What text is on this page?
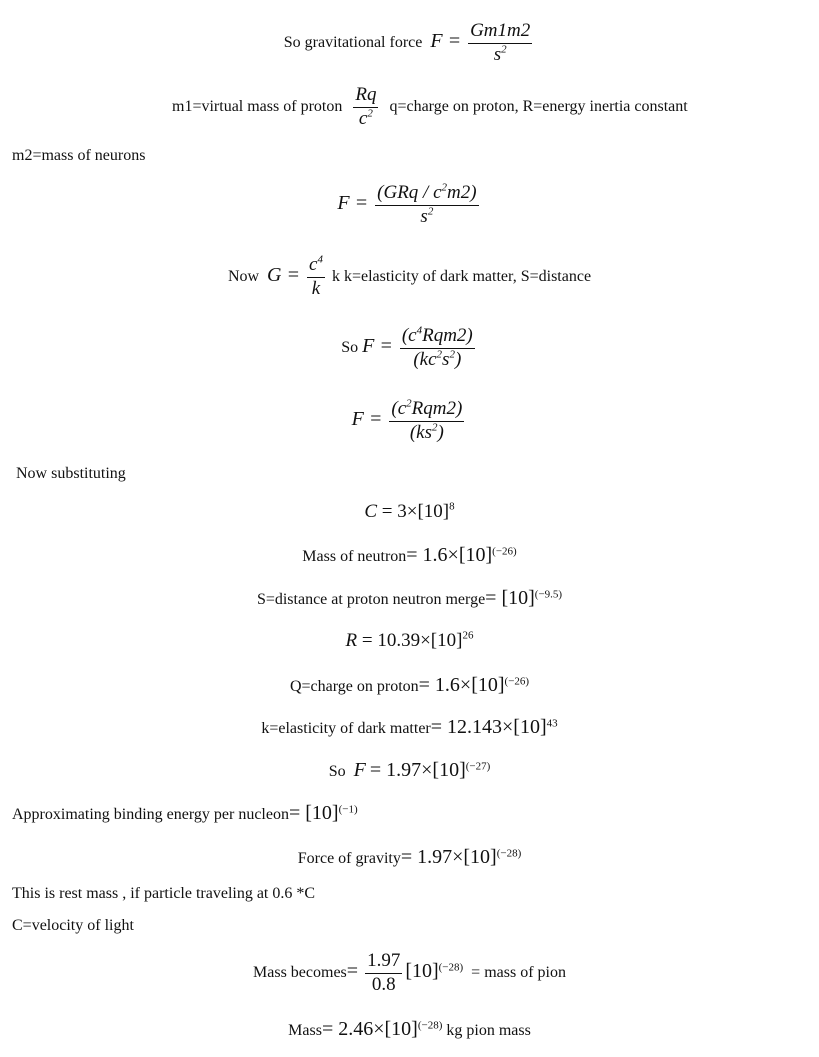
So gravitational force $F = \frac{Gm1m2}{s^2}$
m1=virtual mass of proton $\frac{Rq}{c^2}$ q=charge on proton, R=energy inertia constant
m2=mass of neurons
$F = \frac{(GRq / c^2m2)}{s^2}$
Now $G = \frac{c^4}{k}$ k k=elasticity of dark matter, S=distance
So $F = \frac{(c^4Rqm2)}{(kc^2s^2)}$
$F = \frac{(c^2Rqm2)}{(ks^2)}$
Now substituting
$C = 3\times[10]^8$
Mass of neutron= $1.6\times[10]^{(-26)}$
S=distance at proton neutron merge= $[10]^{(-9.5)}$
$R = 10.39\times[10]^{26}$
Q=charge on proton= $1.6\times[10]^{(-26)}$
k=elasticity of dark matter= $12.143\times[10]^{43}$
So $F = 1.97\times[10]^{(-27)}$
Approximating binding energy per nucleon= $[10]^{(-1)}$
Force of gravity= $1.97\times[10]^{(-28)}$
This is rest mass , if particle traveling at 0.6 *C
C=velocity of light
Mass becomes= $\frac{1.97}{0.8} [10]^{(-28)}$ = mass of pion
Mass= $2.46\times[10]^{(-28)}$ kg pion mass
